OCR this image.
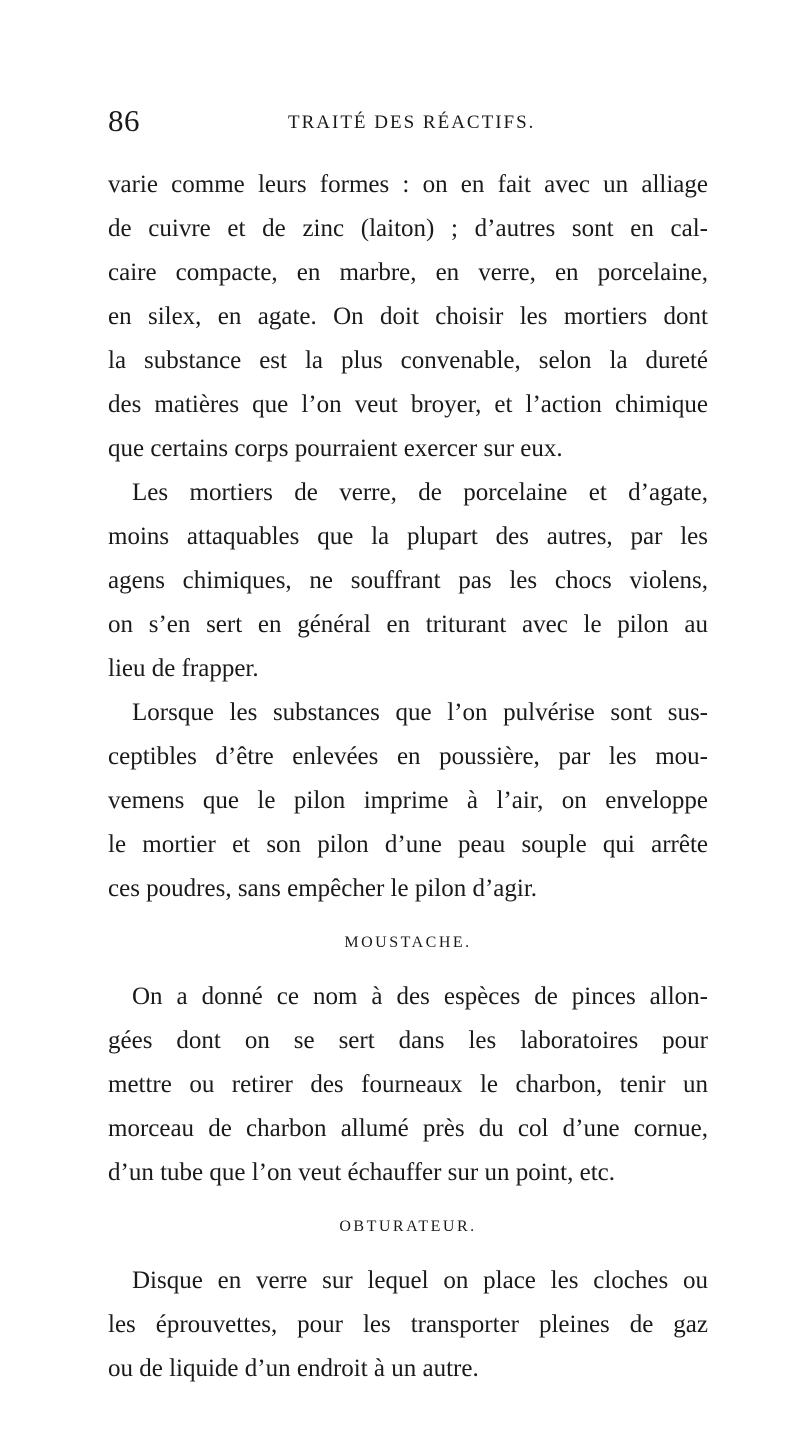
86	TRAITÉ DES RÉACTIFS.
varie comme leurs formes : on en fait avec un alliage
de cuivre et de zinc (laiton) ; d’autres sont en cal-
caire compacte, en marbre, en verre, en porcelaine,
en silex, en agate. On doit choisir les mortiers dont
la substance est la plus convenable, selon la dureté
des matières que l’on veut broyer, et l’action chimique
que certains corps pourraient exercer sur eux.
Les mortiers de verre, de porcelaine et d’agate,
moins attaquables que la plupart des autres, par les
agens chimiques, ne souffrant pas les chocs violens,
on s’en sert en général en triturant avec le pilon au
lieu de frapper.
Lorsque les substances que l’on pulvérise sont sus-
ceptibles d’être enlevées en poussière, par les mou-
vemens que le pilon imprime à l’air, on enveloppe
le mortier et son pilon d’une peau souple qui arrête
ces poudres, sans empêcher le pilon d’agir.
MOUSTACHE.
On a donné ce nom à des espèces de pinces allon-
gées dont on se sert dans les laboratoires pour
mettre ou retirer des fourneaux le charbon, tenir un
morceau de charbon allumé près du col d’une cornue,
d’un tube que l’on veut échauffer sur un point, etc.
OBTURATEUR.
Disque en verre sur lequel on place les cloches ou
les éprouvettes, pour les transporter pleines de gaz
ou de liquide d’un endroit à un autre.
